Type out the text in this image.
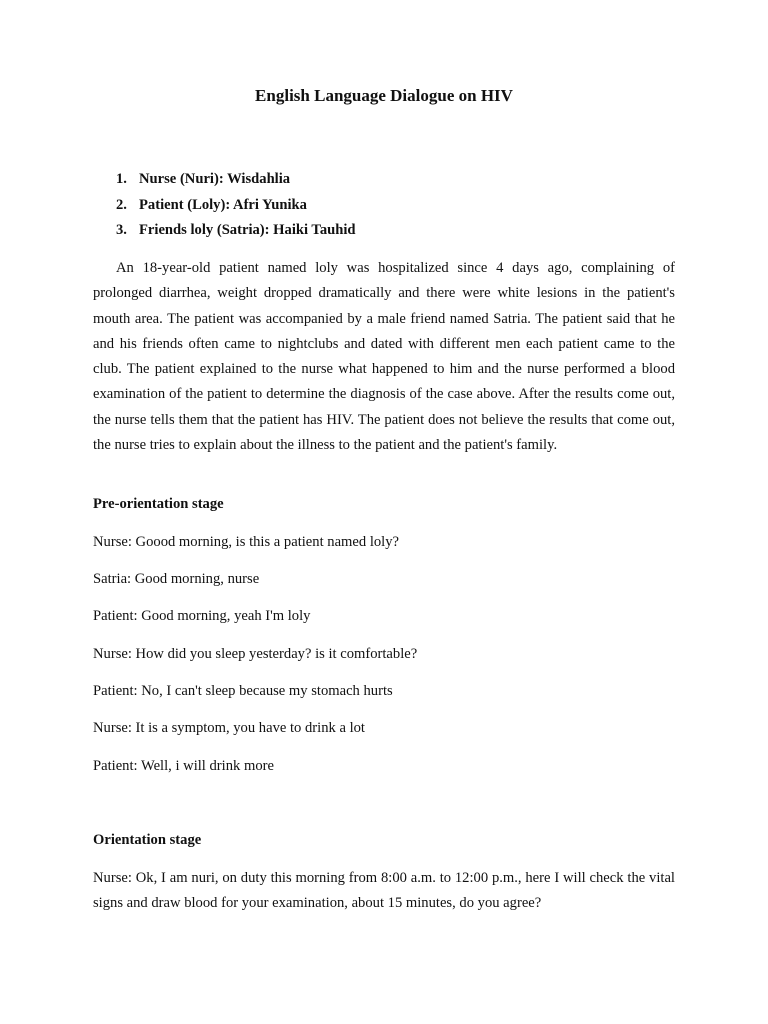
English Language Dialogue on HIV
1. Nurse (Nuri): Wisdahlia
2. Patient (Loly): Afri Yunika
3. Friends loly (Satria): Haiki Tauhid

An 18-year-old patient named loly was hospitalized since 4 days ago, complaining of prolonged diarrhea, weight dropped dramatically and there were white lesions in the patient's mouth area. The patient was accompanied by a male friend named Satria. The patient said that he and his friends often came to nightclubs and dated with different men each patient came to the club. The patient explained to the nurse what happened to him and the nurse performed a blood examination of the patient to determine the diagnosis of the case above. After the results come out, the nurse tells them that the patient has HIV. The patient does not believe the results that come out, the nurse tries to explain about the illness to the patient and the patient's family.

Pre-orientation stage
Nurse: Goood morning, is this a patient named loly?
Satria: Good morning, nurse
Patient: Good morning, yeah I'm loly
Nurse: How did you sleep yesterday? is it comfortable?
Patient: No, I can't sleep because my stomach hurts
Nurse: It is a symptom, you have to drink a lot
Patient: Well, i will drink more
Orientation stage

Nurse: Ok, I am nuri, on duty this morning from 8:00 a.m. to 12:00 p.m., here I will check the vital signs and draw blood for your examination, about 15 minutes, do you agree?
